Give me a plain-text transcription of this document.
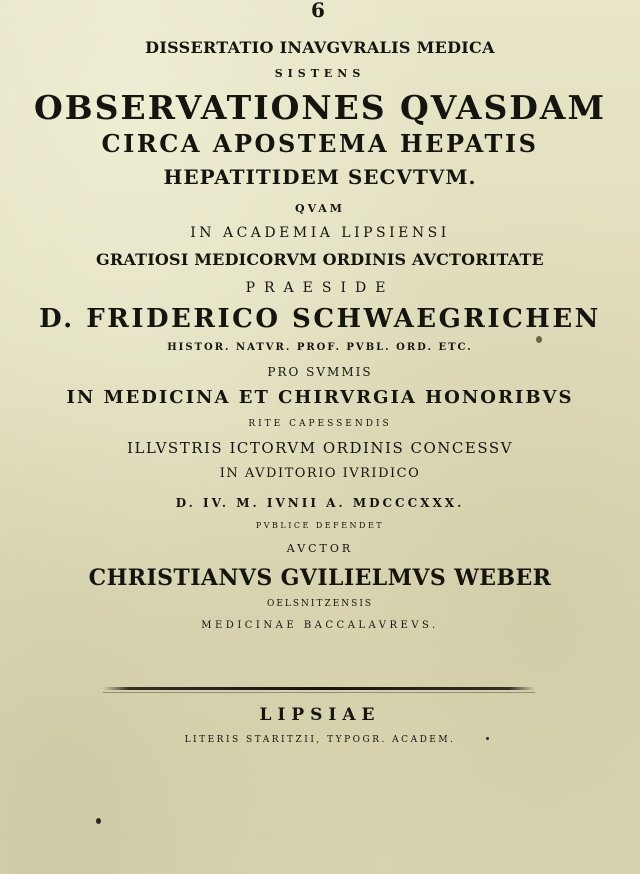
6
DISSERTATIO INAVGVRALIS MEDICA
SISTENS
OBSERVATIONES QVASDAM
CIRCA APOSTEMA HEPATIS
HEPATITIDEM SECVTVM.
QVAM
IN ACADEMIA LIPSIENSI
GRATIOSI MEDICORVM ORDINIS AVCTORITATE
PRAESIDE
D. FRIDERICO SCHWAEGRICHEN
HISTOR. NATVR. PROF. PVBL. ORD. ETC.
PRO SVMMIS
IN MEDICINA ET CHIRVRGIA HONORIBVS
RITE CAPESSENDIS
ILLVSTRIS ICTORVM ORDINIS CONCESSV
IN AVDITORIO IVRIDICO
D. IV. M. IVNII A. MDCCCXXX.
PVBLICE DEFENDET
AVCTOR
CHRISTIANVS GVILIELMVS WEBER
OELSNITZENSIS
MEDICINAE BACCALAVREVS.
LIPSIAE
LITERIS STARITZII, TYPOGR. ACADEM.
